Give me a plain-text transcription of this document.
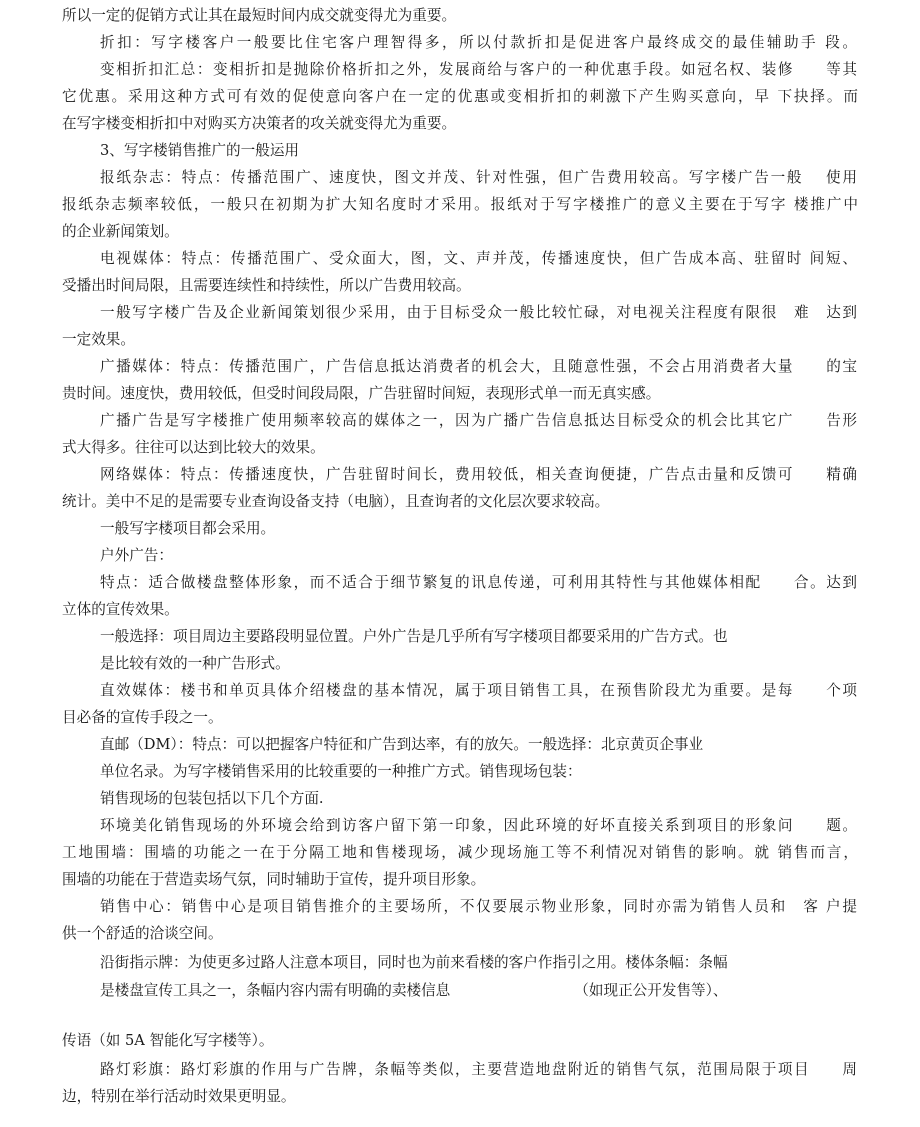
所以一定的促销方式让其在最短时间内成交就变得尤为重要。
折扣：写字楼客户一般要比住宅客户理智得多，所以付款折扣是促进客户最终成交的最佳辅助手 段。
变相折扣汇总：变相折扣是抛除价格折扣之外，发展商给与客户的一种优惠手段。如冠名权、装修　　等其
它优惠。采用这种方式可有效的促使意向客户在一定的优惠或变相折扣的刺激下产生购买意向，早 下抉择。而
在写字楼变相折扣中对购买方决策者的攻关就变得尤为重要。
3、写字楼销售推广的一般运用
报纸杂志：特点：传播范围广、速度快，图文并茂、针对性强，但广告费用较高。写字楼广告一般　 使用
报纸杂志频率较低，一般只在初期为扩大知名度时才采用。报纸对于写字楼推广的意义主要在于写字 楼推广中
的企业新闻策划。
电视媒体：特点：传播范围广、受众面大，图，文、声并茂，传播速度快，但广告成本高、驻留时 间短、
受播出时间局限，且需要连续性和持续性，所以广告费用较高。
一般写字楼广告及企业新闻策划很少采用，由于目标受众一般比较忙碌，对电视关注程度有限很　难　达到
一定效果。
广播媒体：特点：传播范围广，广告信息抵达消费者的机会大，且随意性强，不会占用消费者大量　　的宝
贵时间。速度快，费用较低，但受时间段局限，广告驻留时间短，表现形式单一而无真实感。
广播广告是写字楼推广使用频率较高的媒体之一，因为广播广告信息抵达目标受众的机会比其它广　　告形
式大得多。往往可以达到比较大的效果。
网络媒体：特点：传播速度快，广告驻留时间长，费用较低，相关查询便捷，广告点击量和反馈可　　精确
统计。美中不足的是需要专业查询设备支持（电脑），且查询者的文化层次要求较高。
一般写字楼项目都会采用。
户外广告：
特点：适合做楼盘整体形象，而不适合于细节繁复的讯息传递，可利用其特性与其他媒体相配　　合。达到
立体的宣传效果。
一般选择：项目周边主要路段明显位置。户外广告是几乎所有写字楼项目都要采用的广告方式。也
是比较有效的一种广告形式。
直效媒体：楼书和单页具体介绍楼盘的基本情况，属于项目销售工具，在预售阶段尤为重要。是每　　个项
目必备的宣传手段之一。
直邮（DM）：特点：可以把握客户特征和广告到达率，有的放矢。一般选择：北京黄页企事业
单位名录。为写字楼销售采用的比较重要的一种推广方式。销售现场包装：
销售现场的包装包括以下几个方面.
环境美化销售现场的外环境会给到访客户留下第一印象，因此环境的好坏直接关系到项目的形象问　　题。
工地围墙：围墙的功能之一在于分隔工地和售楼现场，减少现场施工等不利情况对销售的影响。就 销售而言，
围墙的功能在于营造卖场气氛，同时辅助于宣传，提升项目形象。
销售中心：销售中心是项目销售推介的主要场所，不仅要展示物业形象，同时亦需为销售人员和　客 户提
供一个舒适的洽谈空间。
沿街指示牌：为使更多过路人注意本项目，同时也为前来看楼的客户作指引之用。楼体条幅：条幅
是楼盘宣传工具之一，条幅内容内需有明确的卖楼信息　　　　　　　　　（如现正公开发售等）、
传语（如 5A 智能化写字楼等）。
路灯彩旗：路灯彩旗的作用与广告牌，条幅等类似，主要营造地盘附近的销售气氛，范围局限于项目　　周
边，特别在举行活动时效果更明显。
